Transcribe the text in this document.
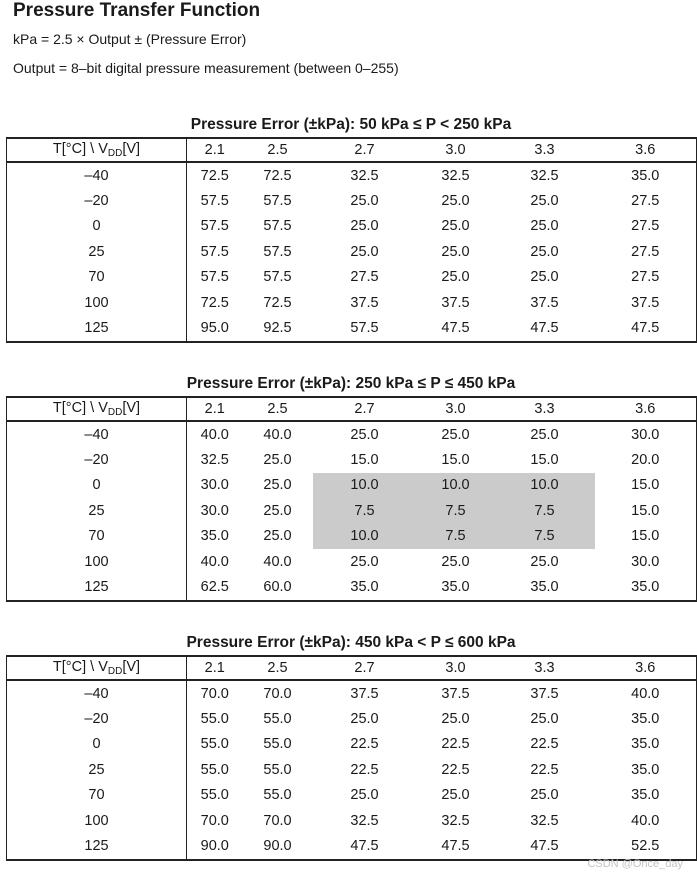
Pressure Transfer Function
kPa = 2.5 × Output ± (Pressure Error)
Output = 8–bit digital pressure measurement (between 0–255)
Pressure Error (±kPa): 50 kPa ≤ P < 250 kPa
T[°C] \ $V_{DD}[V]$	2.1	2.5	2.7	3.0	3.3	3.6
–40	72.5	72.5	32.5	32.5	32.5	35.0
–20	57.5	57.5	25.0	25.0	25.0	27.5
0	57.5	57.5	25.0	25.0	25.0	27.5
25	57.5	57.5	25.0	25.0	25.0	27.5
70	57.5	57.5	27.5	25.0	25.0	27.5
100	72.5	72.5	37.5	37.5	37.5	37.5
125	95.0	92.5	57.5	47.5	47.5	47.5
Pressure Error (±kPa): 250 kPa ≤ P ≤ 450 kPa
T[°C] \ $V_{DD}[V]$	2.1	2.5	2.7	3.0	3.3	3.6
–40	40.0	40.0	25.0	25.0	25.0	30.0
–20	32.5	25.0	15.0	15.0	15.0	20.0
0	30.0	25.0	10.0	10.0	10.0	15.0
25	30.0	25.0	7.5	7.5	7.5	15.0
70	35.0	25.0	10.0	7.5	7.5	15.0
100	40.0	40.0	25.0	25.0	25.0	30.0
125	62.5	60.0	35.0	35.0	35.0	35.0
Pressure Error (±kPa): 450 kPa < P ≤ 600 kPa
T[°C] \ $V_{DD}[V]$	2.1	2.5	2.7	3.0	3.3	3.6
–40	70.0	70.0	37.5	37.5	37.5	40.0
–20	55.0	55.0	25.0	25.0	25.0	35.0
0	55.0	55.0	22.5	22.5	22.5	35.0
25	55.0	55.0	22.5	22.5	22.5	35.0
70	55.0	55.0	25.0	25.0	25.0	35.0
100	70.0	70.0	32.5	32.5	32.5	40.0
125	90.0	90.0	47.5	47.5	47.5	52.5
CSDN @Once_day
